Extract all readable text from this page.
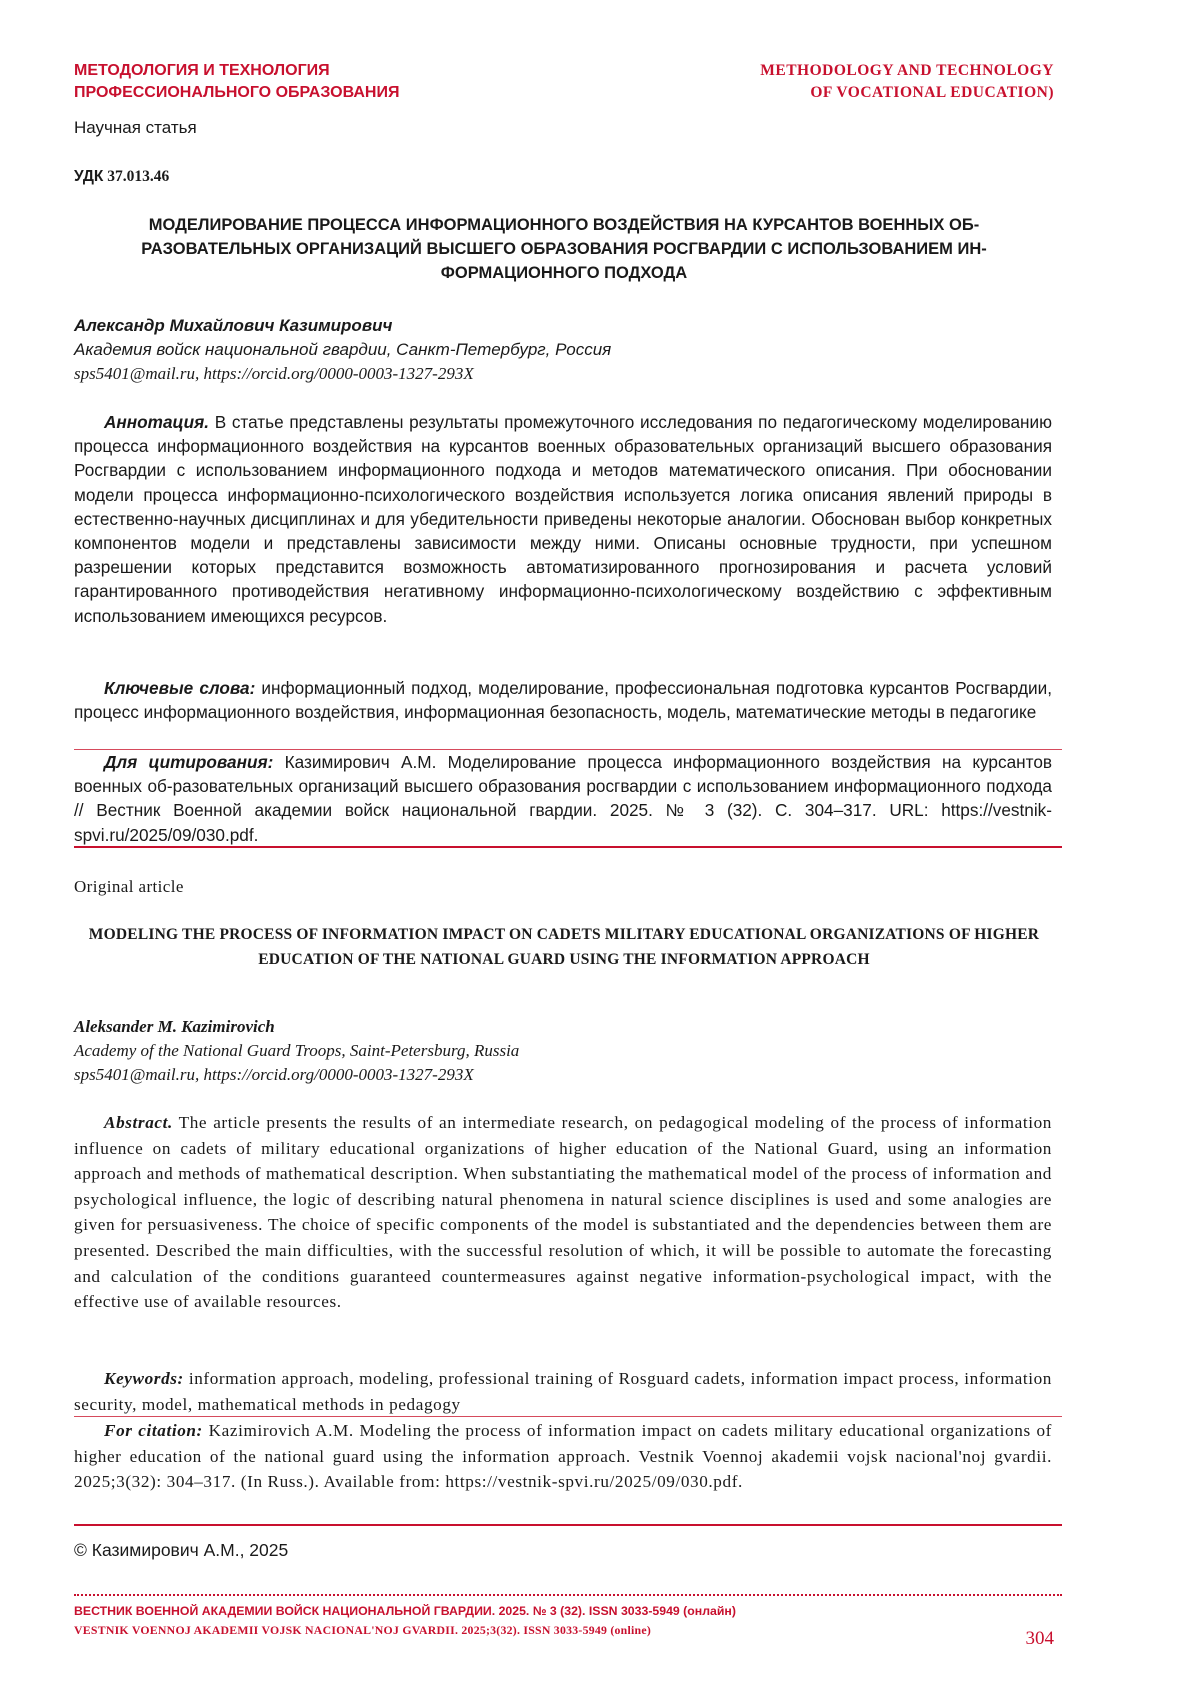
МЕТОДОЛОГИЯ И ТЕХНОЛОГИЯ
ПРОФЕССИОНАЛЬНОГО ОБРАЗОВАНИЯ
METHODOLOGY AND TECHNOLOGY
OF VOCATIONAL EDUCATION)
Научная статья
УДК 37.013.46
МОДЕЛИРОВАНИЕ ПРОЦЕССА ИНФОРМАЦИОННОГО ВОЗДЕЙСТВИЯ НА КУРСАНТОВ ВОЕННЫХ ОБ-РАЗОВАТЕЛЬНЫХ ОРГАНИЗАЦИЙ ВЫСШЕГО ОБРАЗОВАНИЯ РОСГВАРДИИ С ИСПОЛЬЗОВАНИЕМ ИН-ФОРМАЦИОННОГО ПОДХОДА
Александр Михайлович Казимирович
Академия войск национальной гвардии, Санкт-Петербург, Россия
sps5401@mail.ru, https://orcid.org/0000-0003-1327-293X
Аннотация. В статье представлены результаты промежуточного исследования по педагогическому моделированию процесса информационного воздействия на курсантов военных образовательных организаций высшего образования Росгвардии с использованием информационного подхода и методов математического описания. При обосновании модели процесса информационно-психологического воздействия используется логика описания явлений природы в естественно-научных дисциплинах и для убедительности приведены некоторые аналогии. Обоснован выбор конкретных компонентов модели и представлены зависимости между ними. Описаны основные трудности, при успешном разрешении которых представится возможность автоматизированного прогнозирования и расчета условий гарантированного противодействия негативному информационно-психологическому воздействию с эффективным использованием имеющихся ресурсов.
Ключевые слова: информационный подход, моделирование, профессиональная подготовка курсантов Росгвардии, процесс информационного воздействия, информационная безопасность, модель, математические методы в педагогике
Для цитирования: Казимирович А.М. Моделирование процесса информационного воздействия на курсантов военных об-разовательных организаций высшего образования росгвардии с использованием информационного подхода // Вестник Военной академии войск национальной гвардии. 2025. № 3 (32). С. 304–317. URL: https://vestnik-spvi.ru/2025/09/030.pdf.
Original article
MODELING THE PROCESS OF INFORMATION IMPACT ON CADETS MILITARY EDUCATIONAL ORGANIZATIONS OF HIGHER EDUCATION OF THE NATIONAL GUARD USING THE INFORMATION APPROACH
Aleksander M. Kazimirovich
Academy of the National Guard Troops, Saint-Petersburg, Russia
sps5401@mail.ru, https://orcid.org/0000-0003-1327-293X
Abstract. The article presents the results of an intermediate research, on pedagogical modeling of the process of information influence on cadets of military educational organizations of higher education of the National Guard, using an information approach and methods of mathematical description. When substantiating the mathematical model of the process of information and psychological influence, the logic of describing natural phenomena in natural science disciplines is used and some analogies are given for persuasiveness. The choice of specific components of the model is substantiated and the dependencies between them are presented. Described the main difficulties, with the successful resolution of which, it will be possible to automate the forecasting and calculation of the conditions guaranteed countermeasures against negative information-psychological impact, with the effective use of available resources.
Keywords: information approach, modeling, professional training of Rosguard cadets, information impact process, information security, model, mathematical methods in pedagogy
For citation: Kazimirovich A.M. Modeling the process of information impact on cadets military educational organizations of higher education of the national guard using the information approach. Vestnik Voennoj akademii vojsk nacional'noj gvardii. 2025;3(32): 304–317. (In Russ.). Available from: https://vestnik-spvi.ru/2025/09/030.pdf.
© Казимирович А.М., 2025
ВЕСТНИК ВОЕННОЙ АКАДЕМИИ ВОЙСК НАЦИОНАЛЬНОЙ ГВАРДИИ. 2025. № 3 (32). ISSN 3033-5949 (онлайн)
VESTNIK VOENNOJ AKADEMII VOJSK NACIONAL'NOJ GVARDII. 2025;3(32). ISSN 3033-5949 (online)	304
